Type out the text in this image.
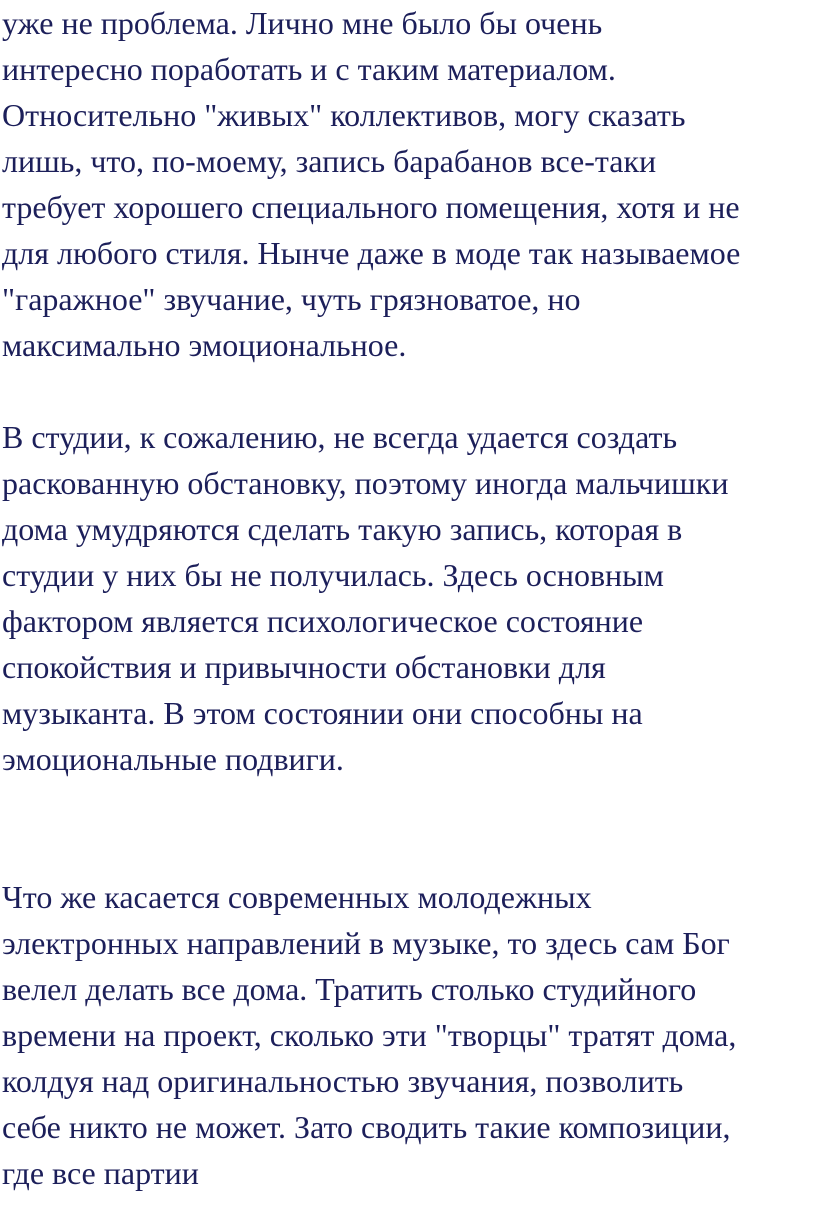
уже не проблема. Лично мне было бы очень
интересно поработать и с таким материалом.
Относительно "живых" коллективов, могу сказать
лишь, что, по-моему, запись барабанов все-таки
требует хорошего специального помещения, хотя и не
для любого стиля. Нынче даже в моде так называемое
"гаражное" звучание, чуть грязноватое, но
максимально эмоциональное.
В студии, к сожалению, не всегда удается создать
раскованную обстановку, поэтому иногда мальчишки
дома умудряются сделать такую запись, которая в
студии у них бы не получилась. Здесь основным
фактором является психологическое состояние
спокойствия и привычности обстановки для
музыканта. В этом состоянии они способны на
эмоциональные подвиги.
Что же касается современных молодежных
электронных направлений в музыке, то здесь сам Бог
велел делать все дома. Тратить столько студийного
времени на проект, сколько эти "творцы" тратят дома,
колдуя над оригинальностью звучания, позволить
себе никто не может. Зато сводить такие композиции,
где все партии
